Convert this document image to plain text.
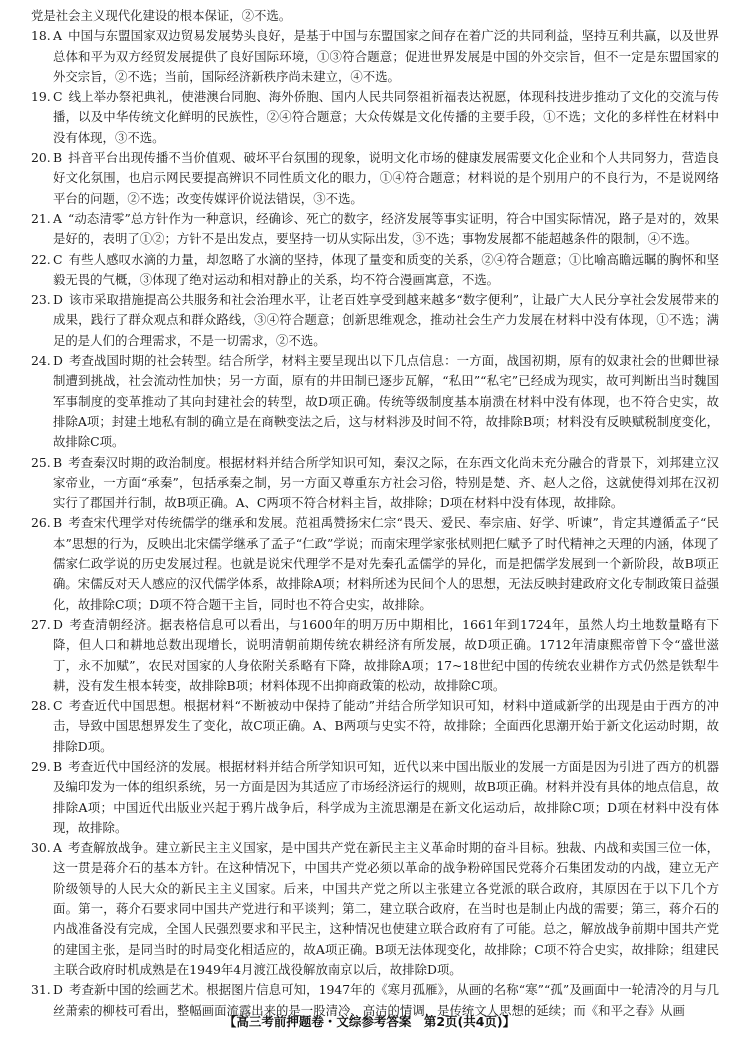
党是社会主义现代化建设的根本保证，②不选。

18. A 中国与东盟国家双边贸易发展势头良好，是基于中国与东盟国家之间存在着广泛的共同利益，坚持互利共赢，以及世界总体和平为双方经贸发展提供了良好国际环境，①③符合题意；促进世界发展是中国的外交宗旨，但不一定是东盟国家的外交宗旨，②不选；当前，国际经济新秩序尚未建立，④不选。
19. C 线上举办祭祀典礼，使港澳台同胞、海外侨胞、国内人民共同祭祖祈福表达祝愿，体现科技进步推动了文化的交流与传播，以及中华传统文化鲜明的民族性，②④符合题意；大众传媒是文化传播的主要手段，①不选；文化的多样性在材料中没有体现，③不选。
20. B 抖音平台出现传播不当价值观、破坏平台氛围的现象，说明文化市场的健康发展需要文化企业和个人共同努力，营造良好文化氛围，也启示网民要提高辨识不同性质文化的眼力，①④符合题意；材料说的是个别用户的不良行为，不是说网络平台的问题，②不选；改变传媒评价说法错误，③不选。
21. A “动态清零”总方针作为一种意识，经确诊、死亡的数字，经济发展等事实证明，符合中国实际情况，路子是对的，效果是好的，表明了①②；方针不是出发点，要坚持一切从实际出发，③不选；事物发展都不能超越条件的限制，④不选。
22. C 有些人感叹水滴的力量，却忽略了水滴的坚持，体现了量变和质变的关系，②④符合题意；①比喻高瞻远瞩的胸怀和坚毅无畏的气概，③体现了绝对运动和相对静止的关系，均不符合漫画寓意，不选。
23. D 该市采取措施提高公共服务和社会治理水平，让老百姓享受到越来越多“数字便利”，让最广大人民分享社会发展带来的成果，践行了群众观点和群众路线，③④符合题意；创新思维观念，推动社会生产力发展在材料中没有体现，①不选；满足的是人们的合理需求，不是一切需求，②不选。
24. D 考查战国时期的社会转型。结合所学，材料主要呈现出以下几点信息：一方面，战国初期，原有的奴隶社会的世卿世禄制遭到挑战，社会流动性加快；另一方面，原有的井田制已逐步瓦解，“私田”“私宅”已经成为现实，故可判断出当时魏国军事制度的变革推动了其向封建社会的转型，故D项正确。传统等级制度基本崩溃在材料中没有体现，也不符合史实，故排除A项；封建土地私有制的确立是在商鞅变法之后，这与材料涉及时间不符，故排除B项；材料没有反映赋税制度变化，故排除C项。
25. B 考查秦汉时期的政治制度。根据材料并结合所学知识可知，秦汉之际，在东西文化尚未充分融合的背景下，刘邦建立汉家帝业，一方面“承秦”，包括承秦之制，另一方面又尊重东方社会习俗，特别是楚、齐、赵人之俗，这就使得刘邦在汉初实行了郡国并行制，故B项正确。A、C两项不符合材料主旨，故排除；D项在材料中没有体现，故排除。
26. B 考查宋代理学对传统儒学的继承和发展。范祖禹赞扬宋仁宗“畏天、爱民、奉宗庙、好学、听谏”，肯定其遵循孟子“民本”思想的行为，反映出北宋儒学继承了孟子“仁政”学说；而南宋理学家张栻则把仁赋予了时代精神之天理的内涵，体现了儒家仁政学说的历史发展过程。也就是说宋代理学不是对先秦孔孟儒学的异化，而是把儒学发展到一个新阶段，故B项正确。宋儒反对天人感应的汉代儒学体系，故排除A项；材料所述为民间个人的思想，无法反映封建政府文化专制政策日益强化，故排除C项；D项不符合题干主旨，同时也不符合史实，故排除。
27. D 考查清朝经济。据表格信息可以看出，与1600年的明万历中期相比，1661年到1724年，虽然人均土地数量略有下降，但人口和耕地总数出现增长，说明清朝前期传统农耕经济有所发展，故D项正确。1712年清康熙帝曾下令“盛世滋丁，永不加赋”，农民对国家的人身依附关系略有下降，故排除A项；17~18世纪中国的传统农业耕作方式仍然是铁犁牛耕，没有发生根本转变，故排除B项；材料体现不出抑商政策的松动，故排除C项。
28. C 考查近代中国思想。根据材料“不断被动中保持了能动”并结合所学知识可知，材料中道咸新学的出现是由于西方的冲击，导致中国思想界发生了变化，故C项正确。A、B两项与史实不符，故排除；全面西化思潮开始于新文化运动时期，故排除D项。
29. B 考查近代中国经济的发展。根据材料并结合所学知识可知，近代以来中国出版业的发展一方面是因为引进了西方的机器及编印发为一体的组织系统，另一方面是因为其适应了市场经济运行的规则，故B项正确。材料并没有具体的地点信息，故排除A项；中国近代出版业兴起于鸦片战争后，科学成为主流思潮是在新文化运动后，故排除C项；D项在材料中没有体现，故排除。
30. A 考查解放战争。建立新民主主义国家，是中国共产党在新民主主义革命时期的奋斗目标。独裁、内战和卖国三位一体，这一贯是蒋介石的基本方针。在这种情况下，中国共产党必须以革命的战争粉碎国民党蒋介石集团发动的内战，建立无产阶级领导的人民大众的新民主主义国家。后来，中国共产党之所以主张建立各党派的联合政府，其原因在于以下几个方面。第一，蒋介石要求同中国共产党进行和平谈判；第二，建立联合政府，在当时也是制止内战的需要；第三，蒋介石的内战准备没有完成，全国人民强烈要求和平民主，这种情况也使建立联合政府有了可能。总之，解放战争前期中国共产党的建国主张，是同当时的时局变化相适应的，故A项正确。B项无法体现变化，故排除；C项不符合史实，故排除；组建民主联合政府时机成熟是在1949年4月渡江战役解放南京以后，故排除D项。
31. D 考查新中国的绘画艺术。根据图片信息可知，1947年的《寒月孤雁》，从画的名称“寒”“孤”及画面中一轮清冷的月与几丝萧索的柳枝可看出，整幅画面流露出来的是一股清冷、高洁的情调，是传统文人思想的延续；而《和平之春》从画
【高三考前押题卷・文综参考答案　第2页(共4页)】
